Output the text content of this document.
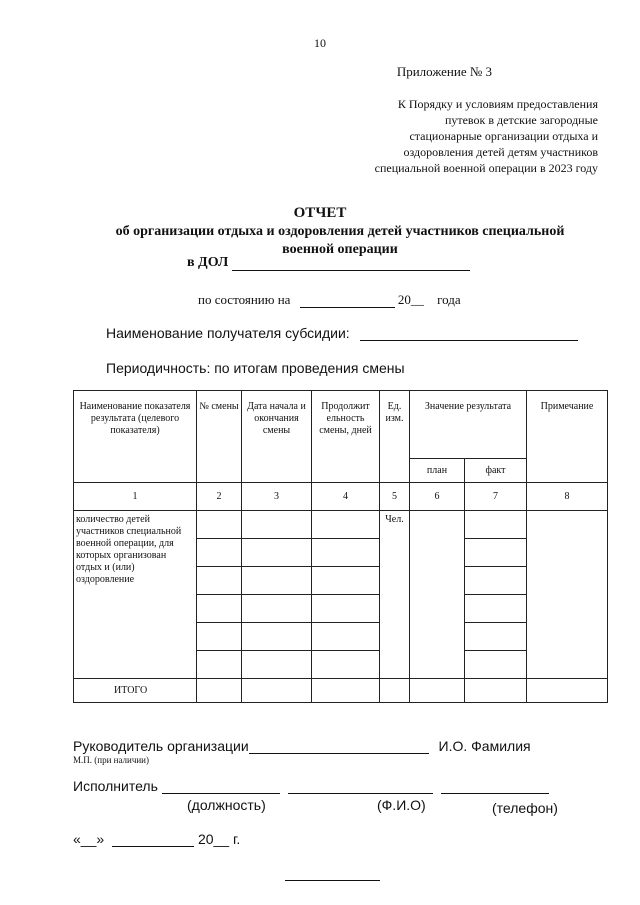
10
Приложение № 3
К Порядку и условиям предоставления
путевок в детские загородные
стационарные организации отдыха и
оздоровления детей детям участников
специальной военной операции в 2023 году
ОТЧЕТ
об организации отдыха и оздоровления детей участников специальной
военной операции
в ДОЛ
по состоянию на	20__ года
Наименование получателя субсидии:
Периодичность: по итогам проведения смены
Наименование показателя результата (целевого показателя)	№ смены	Дата начала и окончания смены	Продолжит ельность смены, дней	Ед. изм.	Значение результата		Примечание
					план	факт	
1	2	3	4	5	6	7	8
количество детей участников специальной военной операции, для которых организован отдых и (или) оздоровление				Чел.			

ИТОГО							
Руководитель организации	И.О. Фамилия
М.П. (при наличии)
Исполнитель
(должность)	(Ф.И.О)	(телефон)
«__»	20__ г.
